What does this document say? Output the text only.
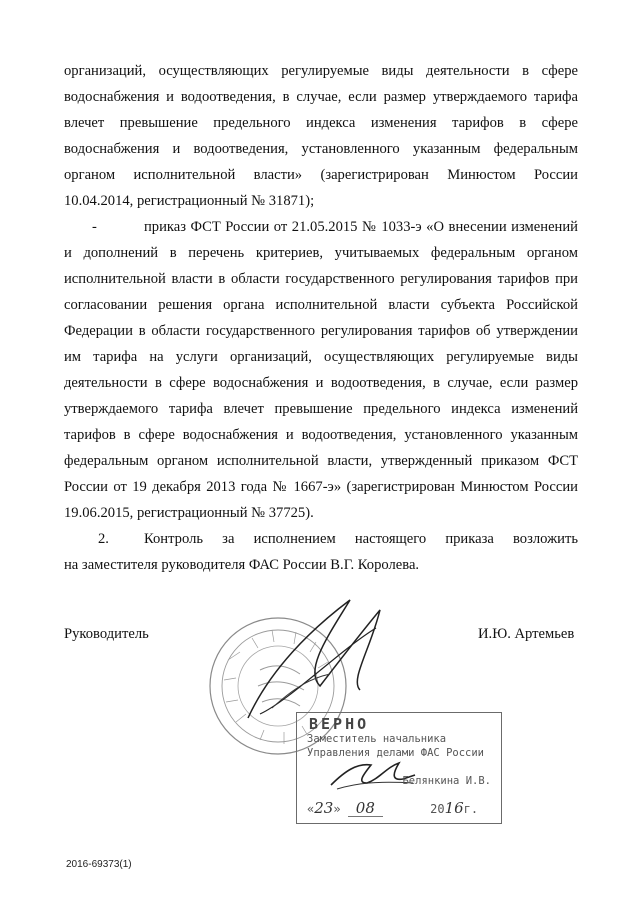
организаций, осуществляющих регулируемые виды деятельности в сфере
водоснабжения и водоотведения, в случае, если размер утверждаемого тарифа
влечет превышение предельного индекса изменения тарифов в сфере
водоснабжения и водоотведения, установленного указанным федеральным
органом исполнительной власти» (зарегистрирован Минюстом России
10.04.2014, регистрационный № 31871);
-	приказ ФСТ России от 21.05.2015 № 1033-э «О внесении изменений
и дополнений в перечень критериев, учитываемых федеральным органом
исполнительной власти в области государственного регулирования тарифов при
согласовании решения органа исполнительной власти субъекта Российской
Федерации в области государственного регулирования тарифов об утверждении
им тарифа на услуги организаций, осуществляющих регулируемые виды
деятельности в сфере водоснабжения и водоотведения, в случае, если размер
утверждаемого тарифа влечет превышение предельного индекса изменений
тарифов в сфере водоснабжения и водоотведения, установленного указанным
федеральным органом исполнительной власти, утвержденный приказом ФСТ
России от 19 декабря 2013 года № 1667-э» (зарегистрирован Минюстом России
19.06.2015, регистрационный № 37725).
2. Контроль за исполнением настоящего приказа возложить
на заместителя руководителя ФАС России В.Г. Королева.
Руководитель	И.Ю. Артемьев
ВЕРНО
Заместитель начальника
Управления делами ФАС России
Белянкина И.В.
«23» 08	2016г.
2016-69373(1)
